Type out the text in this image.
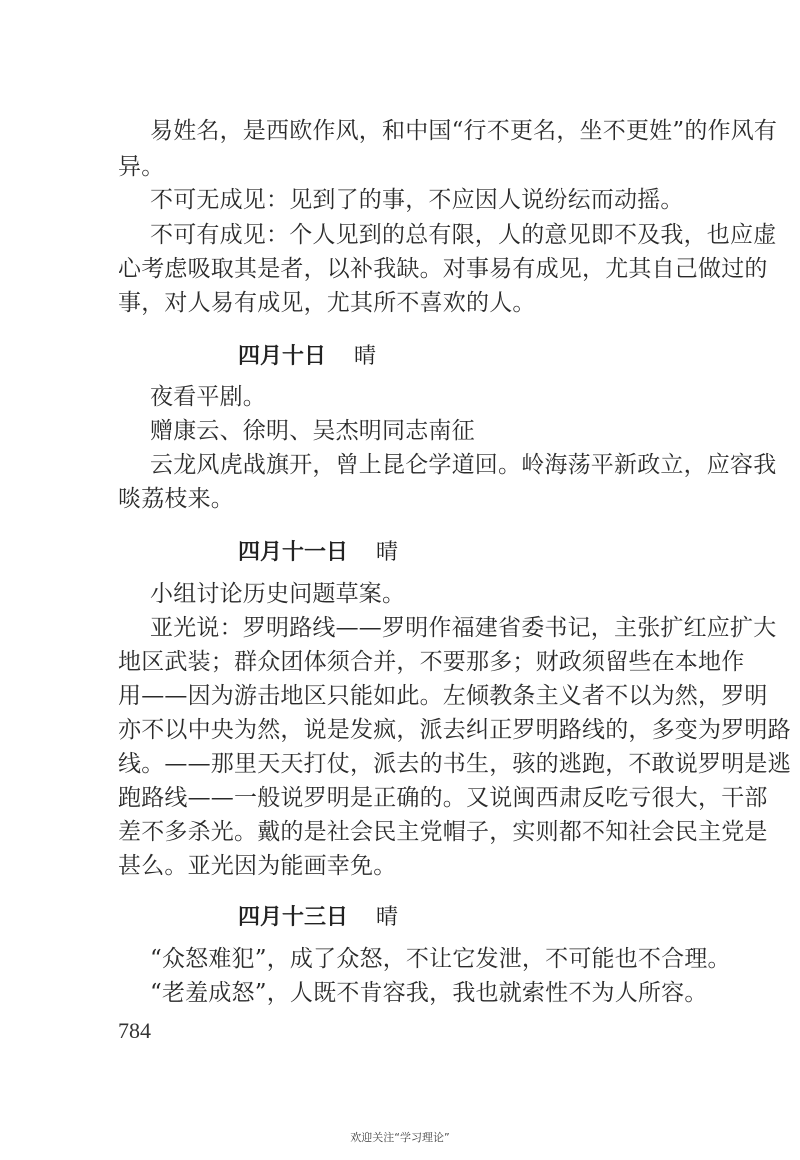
易姓名，是西欧作风，和中国“行不更名，坐不更姓”的作风有
异。
不可无成见：见到了的事，不应因人说纷纭而动摇。
不可有成见：个人见到的总有限，人的意见即不及我，也应虚
心考虑吸取其是者，以补我缺。对事易有成见，尤其自己做过的
事，对人易有成见，尤其所不喜欢的人。
四月十日 晴
夜看平剧。
赠康云、徐明、吴杰明同志南征
云龙风虎战旗开，曾上昆仑学道回。岭海荡平新政立，应容我
啖荔枝来。
四月十一日 晴
小组讨论历史问题草案。
亚光说：罗明路线——罗明作福建省委书记，主张扩红应扩大
地区武装；群众团体须合并，不要那多；财政须留些在本地作
用——因为游击地区只能如此。左倾教条主义者不以为然，罗明
亦不以中央为然，说是发疯，派去纠正罗明路线的，多变为罗明路
线。——那里天天打仗，派去的书生，骇的逃跑，不敢说罗明是逃
跑路线——一般说罗明是正确的。又说闽西肃反吃亏很大，干部
差不多杀光。戴的是社会民主党帽子，实则都不知社会民主党是
甚么。亚光因为能画幸免。
四月十三日 晴
“众怒难犯”，成了众怒，不让它发泄，不可能也不合理。
“老羞成怒”，人既不肯容我，我也就索性不为人所容。
784
欢迎关注“学习理论”
